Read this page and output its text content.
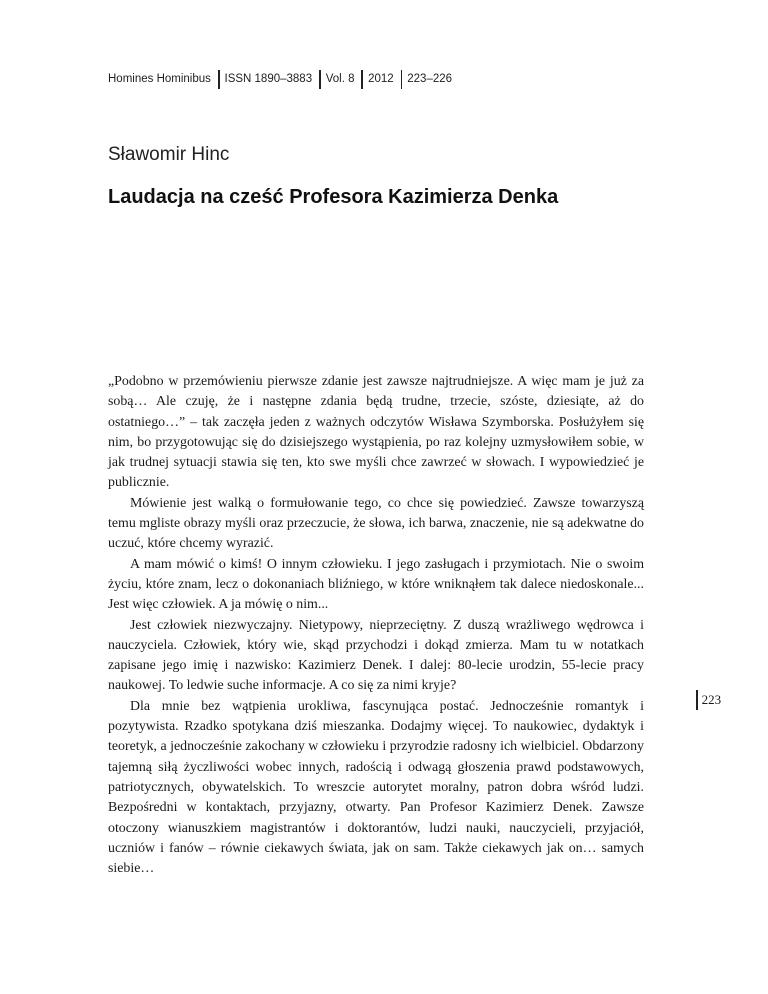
Homines Hominibus ISSN 1890–3883 Vol. 8 2012 223–226
Sławomir Hinc
Laudacja na cześć Profesora Kazimierza Denka

„Podobno w przemówieniu pierwsze zdanie jest zawsze najtrudniejsze. A więc mam je już za sobą… Ale czuję, że i następne zdania będą trudne, trzecie, szóste, dziesiąte, aż do ostatniego…” – tak zaczęła jeden z ważnych odczytów Wisława Szymborska. Posłużyłem się nim, bo przygotowując się do dzisiejszego wystąpienia, po raz kolejny uzmysłowiłem sobie, w jak trudnej sytuacji stawia się ten, kto swe myśli chce zawrzeć w słowach. I wypowiedzieć je publicznie.

Mówienie jest walką o formułowanie tego, co chce się powiedzieć. Zawsze towarzyszą temu mgliste obrazy myśli oraz przeczucie, że słowa, ich barwa, znaczenie, nie są adekwatne do uczuć, które chcemy wyrazić.

A mam mówić o kimś! O innym człowieku. I jego zasługach i przymiotach. Nie o swoim życiu, które znam, lecz o dokonaniach bliźniego, w które wniknąłem tak dalece niedoskonale... Jest więc człowiek. A ja mówię o nim...

Jest człowiek niezwyczajny. Nietypowy, nieprzeciętny. Z duszą wrażliwego wędrowca i nauczyciela. Człowiek, który wie, skąd przychodzi i dokąd zmierza. Mam tu w notatkach zapisane jego imię i nazwisko: Kazimierz Denek. I dalej: 80-lecie urodzin, 55-lecie pracy naukowej. To ledwie suche informacje. A co się za nimi kryje?

Dla mnie bez wątpienia urokliwa, fascynująca postać. Jednocześnie romantyk i pozytywista. Rzadko spotykana dziś mieszanka. Dodajmy więcej. To naukowiec, dydaktyk i teoretyk, a jednocześnie zakochany w człowieku i przyrodzie radosny ich wielbiciel. Obdarzony tajemną siłą życzliwości wobec innych, radością i odwagą głoszenia prawd podstawowych, patriotycznych, obywatelskich. To wreszcie autorytet moralny, patron dobra wśród ludzi. Bezpośredni w kontaktach, przyjazny, otwarty. Pan Profesor Kazimierz Denek. Zawsze otoczony wianuszkiem magistrantów i doktorantów, ludzi nauki, nauczycieli, przyjaciół, uczniów i fanów – równie ciekawych świata, jak on sam. Także ciekawych jak on… samych siebie…

223
